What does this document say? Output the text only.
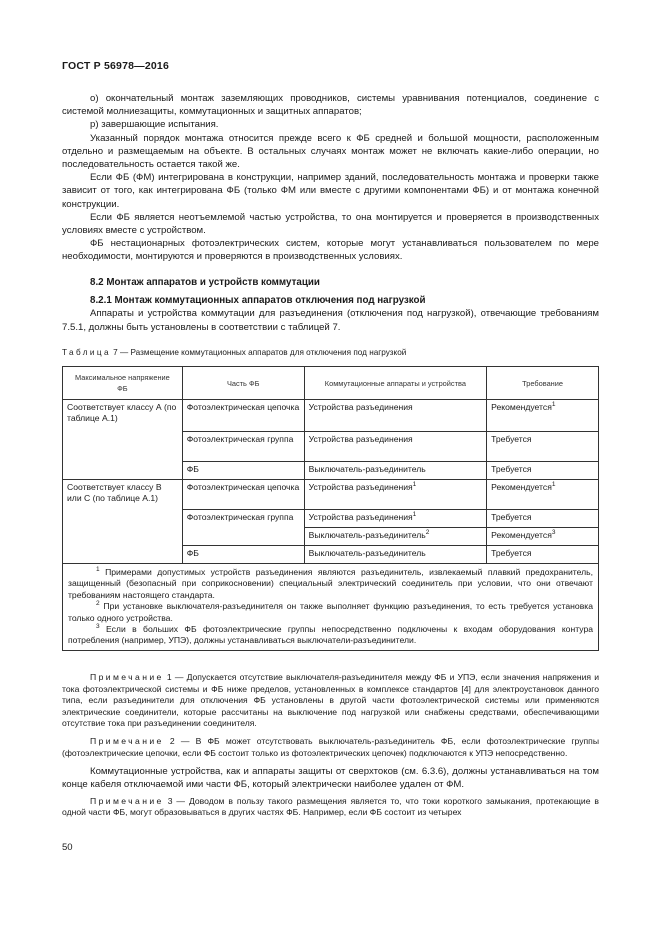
ГОСТ Р 56978—2016

о) окончательный монтаж заземляющих проводников, системы уравнивания потенциалов, соединение с системой молниезащиты, коммутационных и защитных аппаратов;

р) завершающие испытания.

Указанный порядок монтажа относится прежде всего к ФБ средней и большой мощности, расположенным отдельно и размещаемым на объекте. В остальных случаях монтаж может не включать какие-либо операции, но последовательность остается такой же.

Если ФБ (ФМ) интегрирована в конструкции, например зданий, последовательность монтажа и проверки также зависит от того, как интегрирована ФБ (только ФМ или вместе с другими компонентами ФБ) и от монтажа конечной конструкции.

Если ФБ является неотъемлемой частью устройства, то она монтируется и проверяется в производственных условиях вместе с устройством.

ФБ нестационарных фотоэлектрических систем, которые могут устанавливаться пользователем по мере необходимости, монтируются и проверяются в производственных условиях.

8.2 Монтаж аппаратов и устройств коммутации

8.2.1 Монтаж коммутационных аппаратов отключения под нагрузкой

Аппараты и устройства коммутации для разъединения (отключения под нагрузкой), отвечающие требованиям 7.5.1, должны быть установлены в соответствии с таблицей 7.

Таблица 7 — Размещение коммутационных аппаратов для отключения под нагрузкой

Максимальное напряжение ФБ	Часть ФБ	Коммутационные аппараты и устройства	Требование
Соответствует классу А (по таблице А.1)	Фотоэлектрическая цепочка	Устройства разъединения	Рекомендуется$^1$
	Фотоэлектрическая группа	Устройства разъединения	Требуется
	ФБ	Выключатель-разъединитель	Требуется
Соответствует классу В или С (по таблице А.1)	Фотоэлектрическая цепочка	Устройства разъединения$^1$	Рекомендуется$^1$
	Фотоэлектрическая группа	Устройства разъединения$^1$	Требуется
		Выключатель-разъединитель$^2$	Рекомендуется$^3$
	ФБ	Выключатель-разъединитель	Требуется

$^1$ Примерами допустимых устройств разъединения являются разъединитель, извлекаемый плавкий предохранитель, защищенный (безопасный при соприкосновении) специальный электрический соединитель при условии, что они отвечают требованиям настоящего стандарта.

$^2$ При установке выключателя-разъединителя он также выполняет функцию разъединения, то есть требуется установка только одного устройства.

$^3$ Если в больших ФБ фотоэлектрические группы непосредственно подключены к входам оборудования контура потребления (например, УПЭ), должны устанавливаться выключатели-разъединители.			

Примечание 1 — Допускается отсутствие выключателя-разъединителя между ФБ и УПЭ, если значения напряжения и тока фотоэлектрической системы и ФБ ниже пределов, установленных в комплексе стандартов [4] для электроустановок данного типа, если разъединители для отключения ФБ установлены в другой части фотоэлектрической системы или применяются электрические соединители, которые рассчитаны на выключение под нагрузкой или снабжены средствами, обеспечивающими отсутствие тока при разъединении соединителя.

Примечание 2 — В ФБ может отсутствовать выключатель-разъединитель ФБ, если фотоэлектрические группы (фотоэлектрические цепочки, если ФБ состоит только из фотоэлектрических цепочек) подключаются к УПЭ непосредственно.

Коммутационные устройства, как и аппараты защиты от сверхтоков (см. 6.3.6), должны устанавливаться на том конце кабеля отключаемой ими части ФБ, который электрически наиболее удален от ФМ.

Примечание 3 — Доводом в пользу такого размещения является то, что токи короткого замыкания, протекающие в одной части ФБ, могут образовываться в других частях ФБ. Например, если ФБ состоит из четырех

50
